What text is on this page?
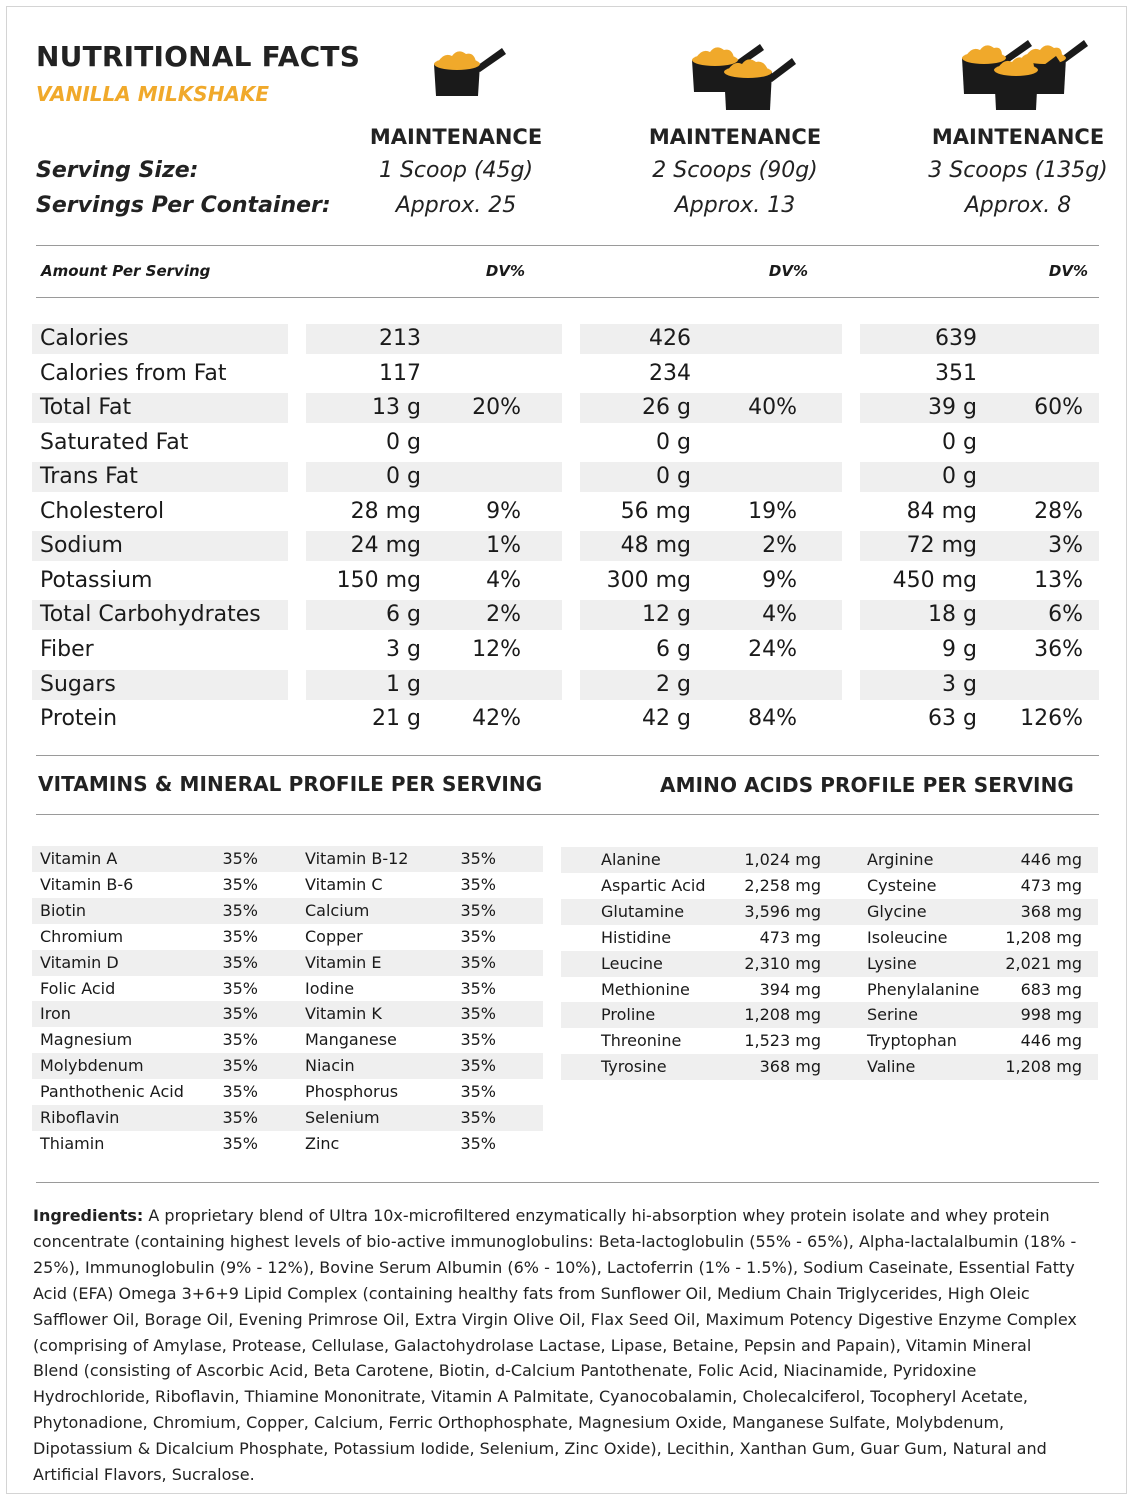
NUTRITIONAL FACTS
VANILLA MILKSHAKE
MAINTENANCE	MAINTENANCE	MAINTENANCE
Serving Size:	1 Scoop (45g)	2 Scoops (90g)	3 Scoops (135g)
Servings Per Container:	Approx. 25	Approx. 13	Approx. 8
Amount Per Serving	DV%	DV%	DV%
Calories	213	426	639
Calories from Fat	117	234	351
Total Fat	13 g	20%	26 g	40%	39 g	60%
Saturated Fat	0 g	0 g	0 g
Trans Fat	0 g	0 g	0 g
Cholesterol	28 mg	9%	56 mg	19%	84 mg	28%
Sodium	24 mg	1%	48 mg	2%	72 mg	3%
Potassium	150 mg	4%	300 mg	9%	450 mg	13%
Total Carbohydrates	6 g	2%	12 g	4%	18 g	6%
Fiber	3 g	12%	6 g	24%	9 g	36%
Sugars	1 g	2 g	3 g
Protein	21 g	42%	42 g	84%	63 g	126%
VITAMINS & MINERAL PROFILE PER SERVING	AMINO ACIDS PROFILE PER SERVING
Vitamin A	35%	Vitamin B-12	35%
Vitamin B-6	35%	Vitamin C	35%
Biotin	35%	Calcium	35%
Chromium	35%	Copper	35%
Vitamin D	35%	Vitamin E	35%
Folic Acid	35%	Iodine	35%
Iron	35%	Vitamin K	35%
Magnesium	35%	Manganese	35%
Molybdenum	35%	Niacin	35%
Panthothenic Acid	35%	Phosphorus	35%
Riboflavin	35%	Selenium	35%
Thiamin	35%	Zinc	35%
Alanine	1,024 mg	Arginine	446 mg
Aspartic Acid	2,258 mg	Cysteine	473 mg
Glutamine	3,596 mg	Glycine	368 mg
Histidine	473 mg	Isoleucine	1,208 mg
Leucine	2,310 mg	Lysine	2,021 mg
Methionine	394 mg	Phenylalanine	683 mg
Proline	1,208 mg	Serine	998 mg
Threonine	1,523 mg	Tryptophan	446 mg
Tyrosine	368 mg	Valine	1,208 mg
Ingredients: A proprietary blend of Ultra 10x-microfiltered enzymatically hi-absorption whey protein isolate and whey protein concentrate (containing highest levels of bio-active immunoglobulins: Beta-lactoglobulin (55% - 65%), Alpha-lactalalbumin (18% - 25%), Immunoglobulin (9% - 12%), Bovine Serum Albumin (6% - 10%), Lactoferrin (1% - 1.5%), Sodium Caseinate, Essential Fatty Acid (EFA) Omega 3+6+9 Lipid Complex (containing healthy fats from Sunflower Oil, Medium Chain Triglycerides, High Oleic Safflower Oil, Borage Oil, Evening Primrose Oil, Extra Virgin Olive Oil, Flax Seed Oil, Maximum Potency Digestive Enzyme Complex (comprising of Amylase, Protease, Cellulase, Galactohydrolase Lactase, Lipase, Betaine, Pepsin and Papain), Vitamin Mineral Blend (consisting of Ascorbic Acid, Beta Carotene, Biotin, d-Calcium Pantothenate, Folic Acid, Niacinamide, Pyridoxine Hydrochloride, Riboflavin, Thiamine Mononitrate, Vitamin A Palmitate, Cyanocobalamin, Cholecalciferol, Tocopheryl Acetate, Phytonadione, Chromium, Copper, Calcium, Ferric Orthophosphate, Magnesium Oxide, Manganese Sulfate, Molybdenum, Dipotassium & Dicalcium Phosphate, Potassium Iodide, Selenium, Zinc Oxide), Lecithin, Xanthan Gum, Guar Gum, Natural and Artificial Flavors, Sucralose.
